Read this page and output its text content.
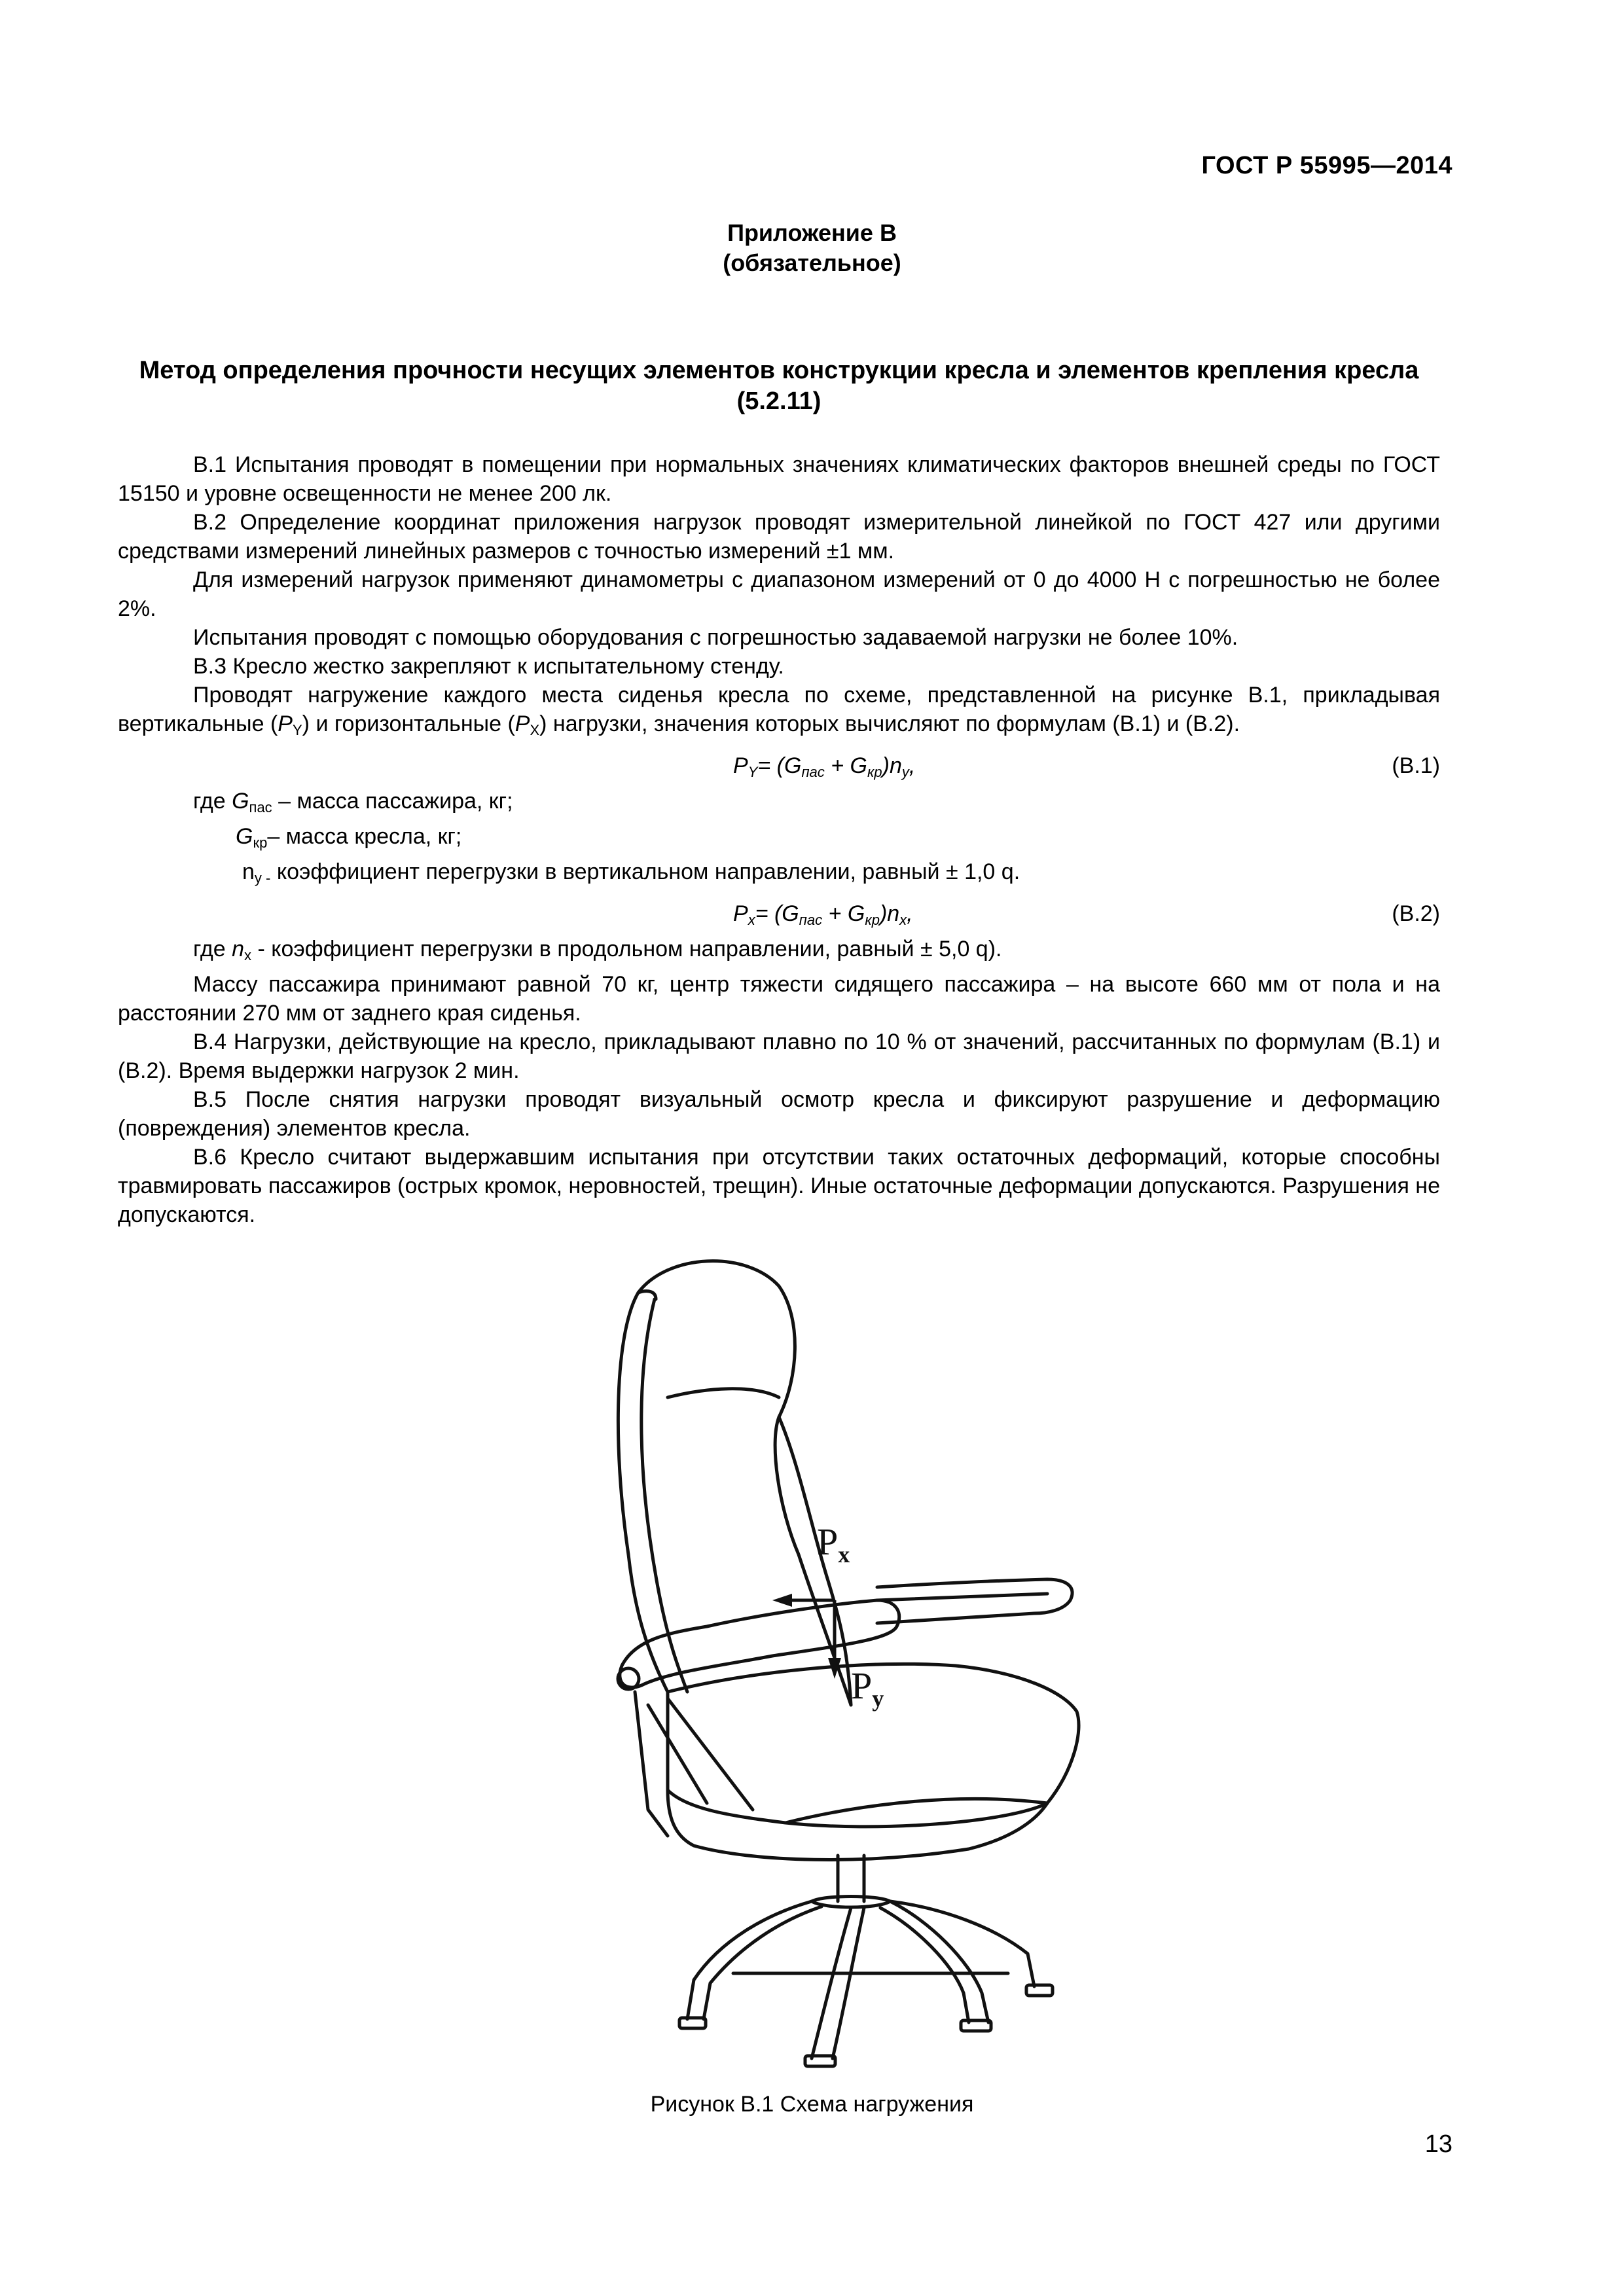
ГОСТ Р 55995—2014
Приложение В
(обязательное)
Метод определения прочности несущих элементов конструкции кресла и элементов крепления кресла (5.2.11)

В.1 Испытания проводят в помещении при нормальных значениях климатических факторов внешней среды по ГОСТ 15150 и уровне освещенности не менее 200 лк.

В.2 Определение координат приложения нагрузок проводят измерительной линейкой по ГОСТ 427 или другими средствами измерений линейных размеров с точностью измерений ±1 мм.

Для измерений нагрузок применяют динамометры с диапазоном измерений от 0 до 4000 Н с погрешностью не более 2%.

Испытания проводят с помощью оборудования с погрешностью задаваемой нагрузки не более 10%.

В.3 Кресло жестко закрепляют к испытательному стенду.

Проводят нагружение каждого места сиденья кресла по схеме, представленной на рисунке В.1, прикладывая вертикальные $(P_Y)$ и горизонтальные $(P_X)$ нагрузки, значения которых вычисляют по формулам (В.1) и (В.2).

$P_Y= (G_{пас} + G_{кр})n_y$,	(В.1)
где $G_{пас}$ – масса пассажира, кг;
$G_{кр}-$ масса кресла, кг;
$n_{у -}$ коэффициент перегрузки в вертикальном направлении, равный ± 1,0 q.
$P_x= (G_{пас} + G_{кр})n_x$,	(В.2)
где $n_x$ - коэффициент перегрузки в продольном направлении, равный ± 5,0 q).

Массу пассажира принимают равной 70 кг, центр тяжести сидящего пассажира – на высоте 660 мм от пола и на расстоянии 270 мм от заднего края сиденья.

В.4 Нагрузки, действующие на кресло, прикладывают плавно по 10 % от значений, рассчитанных по формулам (В.1) и (В.2). Время выдержки нагрузок 2 мин.

В.5 После снятия нагрузки проводят визуальный осмотр кресла и фиксируют разрушение и деформацию (повреждения) элементов кресла.

В.6 Кресло считают выдержавшим испытания при отсутствии таких остаточных деформаций, которые способны травмировать пассажиров (острых кромок, неровностей, трещин). Иные остаточные деформации допускаются. Разрушения не допускаются.

$P_x$
$P_y$
Рисунок В.1 Схема нагружения
13
